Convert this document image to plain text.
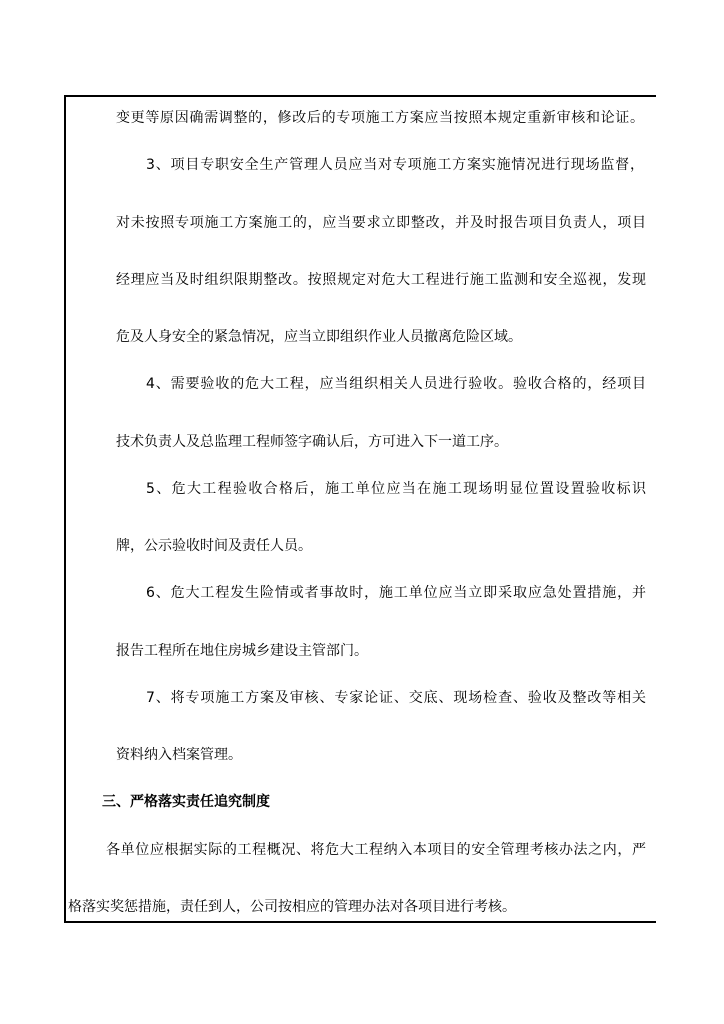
变更等原因确需调整的，修改后的专项施工方案应当按照本规定重新审核和论证。
3、项目专职安全生产管理人员应当对专项施工方案实施情况进行现场监督，
对未按照专项施工方案施工的，应当要求立即整改，并及时报告项目负责人，项目
经理应当及时组织限期整改。按照规定对危大工程进行施工监测和安全巡视，发现
危及人身安全的紧急情况，应当立即组织作业人员撤离危险区域。
4、需要验收的危大工程，应当组织相关人员进行验收。验收合格的，经项目
技术负责人及总监理工程师签字确认后，方可进入下一道工序。
5、危大工程验收合格后，施工单位应当在施工现场明显位置设置验收标识
牌，公示验收时间及责任人员。
6、危大工程发生险情或者事故时，施工单位应当立即采取应急处置措施，并
报告工程所在地住房城乡建设主管部门。
7、将专项施工方案及审核、专家论证、交底、现场检查、验收及整改等相关
资料纳入档案管理。
三、严格落实责任追究制度
各单位应根据实际的工程概况、将危大工程纳入本项目的安全管理考核办法之内，严
格落实奖惩措施，责任到人，公司按相应的管理办法对各项目进行考核。
